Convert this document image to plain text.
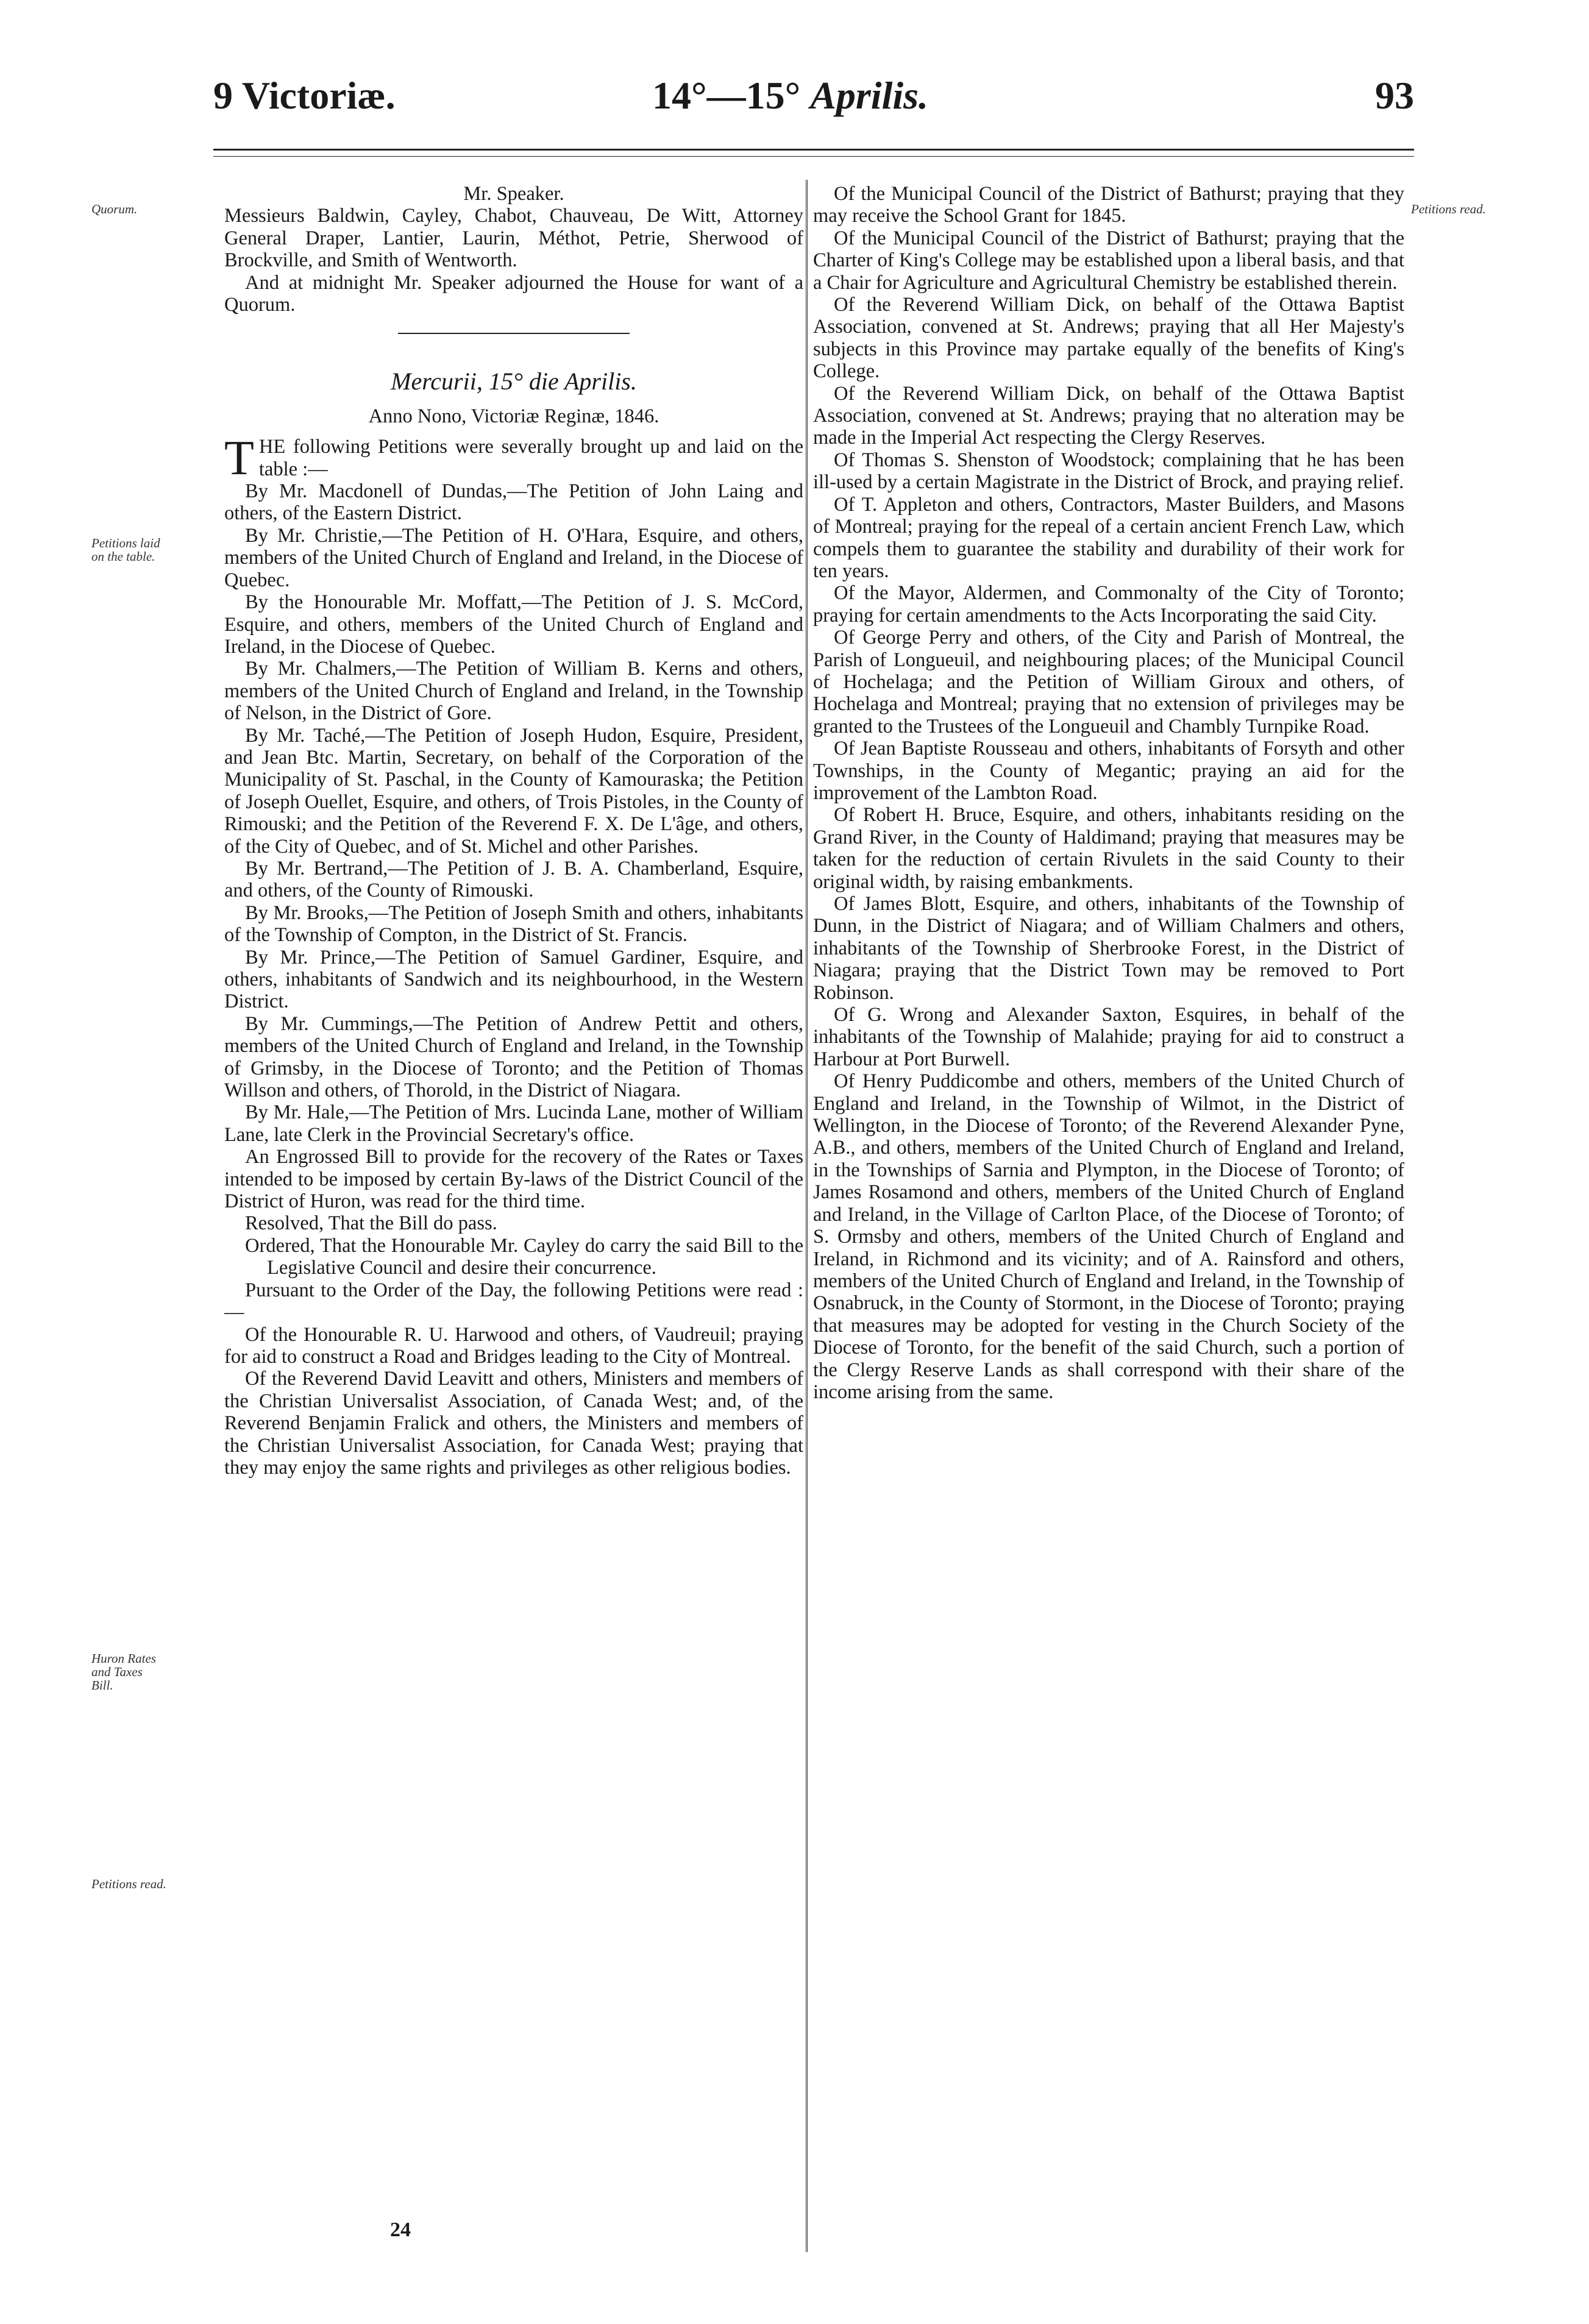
9 Victoriæ.	14°—15° Aprilis.	93
Quorum.
Petitions laid on the table.
Huron Rates and Taxes Bill.
Petitions read.
Petitions read.

Mr. Speaker.

Messieurs Baldwin, Cayley, Chabot, Chauveau, De Witt, Attorney General Draper, Lantier, Laurin, Méthot, Petrie, Sherwood of Brockville, and Smith of Wentworth.

And at midnight Mr. Speaker adjourned the House for want of a Quorum.

Mercurii, 15° die Aprilis.

Anno Nono, Victoriæ Reginæ, 1846.

THE following Petitions were severally brought up and laid on the table :—

By Mr. Macdonell of Dundas,—The Petition of John Laing and others, of the Eastern District.

By Mr. Christie,—The Petition of H. O'Hara, Esquire, and others, members of the United Church of England and Ireland, in the Diocese of Quebec.

By the Honourable Mr. Moffatt,—The Petition of J. S. McCord, Esquire, and others, members of the United Church of England and Ireland, in the Diocese of Quebec.

By Mr. Chalmers,—The Petition of William B. Kerns and others, members of the United Church of England and Ireland, in the Township of Nelson, in the District of Gore.

By Mr. Taché,—The Petition of Joseph Hudon, Esquire, President, and Jean Btc. Martin, Secretary, on behalf of the Corporation of the Municipality of St. Paschal, in the County of Kamouraska; the Petition of Joseph Ouellet, Esquire, and others, of Trois Pistoles, in the County of Rimouski; and the Petition of the Reverend F. X. De L'âge, and others, of the City of Quebec, and of St. Michel and other Parishes.

By Mr. Bertrand,—The Petition of J. B. A. Chamberland, Esquire, and others, of the County of Rimouski.

By Mr. Brooks,—The Petition of Joseph Smith and others, inhabitants of the Township of Compton, in the District of St. Francis.

By Mr. Prince,—The Petition of Samuel Gardiner, Esquire, and others, inhabitants of Sandwich and its neighbourhood, in the Western District.

By Mr. Cummings,—The Petition of Andrew Pettit and others, members of the United Church of England and Ireland, in the Township of Grimsby, in the Diocese of Toronto; and the Petition of Thomas Willson and others, of Thorold, in the District of Niagara.

By Mr. Hale,—The Petition of Mrs. Lucinda Lane, mother of William Lane, late Clerk in the Provincial Secretary's office.

An Engrossed Bill to provide for the recovery of the Rates or Taxes intended to be imposed by certain By-laws of the District Council of the District of Huron, was read for the third time.

Resolved, That the Bill do pass.

Ordered, That the Honourable Mr. Cayley do carry the said Bill to the Legislative Council and desire their concurrence.

Pursuant to the Order of the Day, the following Petitions were read :—

Of the Honourable R. U. Harwood and others, of Vaudreuil; praying for aid to construct a Road and Bridges leading to the City of Montreal.

Of the Reverend David Leavitt and others, Ministers and members of the Christian Universalist Association, of Canada West; and, of the Reverend Benjamin Fralick and others, the Ministers and members of the Christian Universalist Association, for Canada West; praying that they may enjoy the same rights and privileges as other religious bodies.

Of the Municipal Council of the District of Bathurst; praying that they may receive the School Grant for 1845.

Of the Municipal Council of the District of Bathurst; praying that the Charter of King's College may be established upon a liberal basis, and that a Chair for Agriculture and Agricultural Chemistry be established therein.

Of the Reverend William Dick, on behalf of the Ottawa Baptist Association, convened at St. Andrews; praying that all Her Majesty's subjects in this Province may partake equally of the benefits of King's College.

Of the Reverend William Dick, on behalf of the Ottawa Baptist Association, convened at St. Andrews; praying that no alteration may be made in the Imperial Act respecting the Clergy Reserves.

Of Thomas S. Shenston of Woodstock; complaining that he has been ill-used by a certain Magistrate in the District of Brock, and praying relief.

Of T. Appleton and others, Contractors, Master Builders, and Masons of Montreal; praying for the repeal of a certain ancient French Law, which compels them to guarantee the stability and durability of their work for ten years.

Of the Mayor, Aldermen, and Commonalty of the City of Toronto; praying for certain amendments to the Acts Incorporating the said City.

Of George Perry and others, of the City and Parish of Montreal, the Parish of Longueuil, and neighbouring places; of the Municipal Council of Hochelaga; and the Petition of William Giroux and others, of Hochelaga and Montreal; praying that no extension of privileges may be granted to the Trustees of the Longueuil and Chambly Turnpike Road.

Of Jean Baptiste Rousseau and others, inhabitants of Forsyth and other Townships, in the County of Megantic; praying an aid for the improvement of the Lambton Road.

Of Robert H. Bruce, Esquire, and others, inhabitants residing on the Grand River, in the County of Haldimand; praying that measures may be taken for the reduction of certain Rivulets in the said County to their original width, by raising embankments.

Of James Blott, Esquire, and others, inhabitants of the Township of Dunn, in the District of Niagara; and of William Chalmers and others, inhabitants of the Township of Sherbrooke Forest, in the District of Niagara; praying that the District Town may be removed to Port Robinson.

Of G. Wrong and Alexander Saxton, Esquires, in behalf of the inhabitants of the Township of Malahide; praying for aid to construct a Harbour at Port Burwell.

Of Henry Puddicombe and others, members of the United Church of England and Ireland, in the Township of Wilmot, in the District of Wellington, in the Diocese of Toronto; of the Reverend Alexander Pyne, A.B., and others, members of the United Church of England and Ireland, in the Townships of Sarnia and Plympton, in the Diocese of Toronto; of James Rosamond and others, members of the United Church of England and Ireland, in the Village of Carlton Place, of the Diocese of Toronto; of S. Ormsby and others, members of the United Church of England and Ireland, in Richmond and its vicinity; and of A. Rainsford and others, members of the United Church of England and Ireland, in the Township of Osnabruck, in the County of Stormont, in the Diocese of Toronto; praying that measures may be adopted for vesting in the Church Society of the Diocese of Toronto, for the benefit of the said Church, such a portion of the Clergy Reserve Lands as shall correspond with their share of the income arising from the same.

24
